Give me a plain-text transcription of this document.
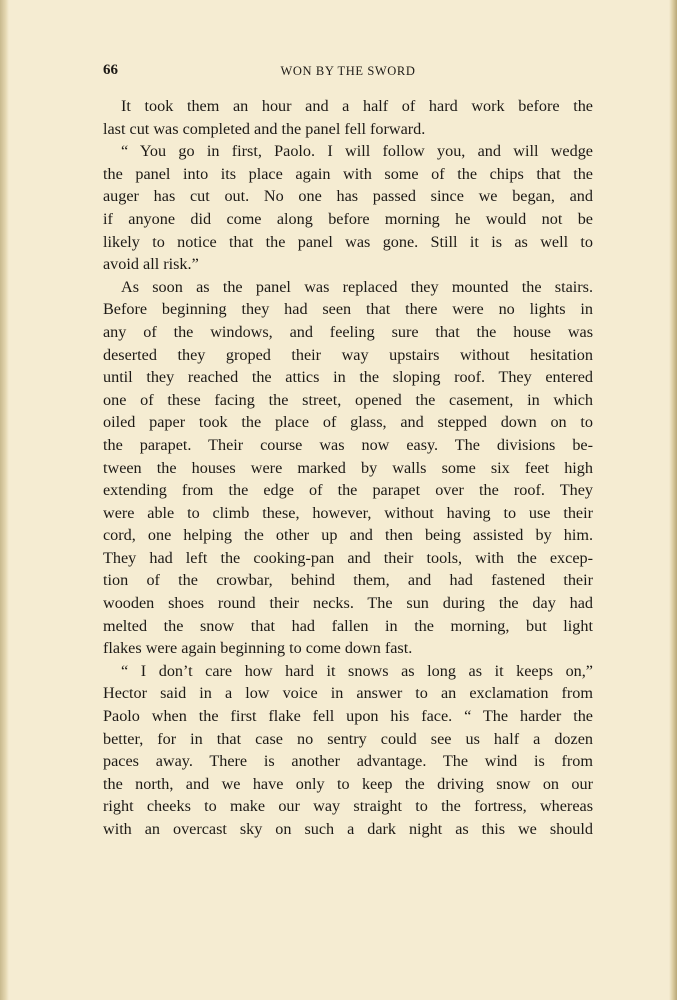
66	WON BY THE SWORD
It took them an hour and a half of hard work before the
last cut was completed and the panel fell forward.
“ You go in first, Paolo. I will follow you, and will wedge
the panel into its place again with some of the chips that the
auger has cut out. No one has passed since we began, and
if anyone did come along before morning he would not be
likely to notice that the panel was gone. Still it is as well to
avoid all risk.”
As soon as the panel was replaced they mounted the stairs.
Before beginning they had seen that there were no lights in
any of the windows, and feeling sure that the house was
deserted they groped their way upstairs without hesitation
until they reached the attics in the sloping roof. They entered
one of these facing the street, opened the casement, in which
oiled paper took the place of glass, and stepped down on to
the parapet. Their course was now easy. The divisions be-
tween the houses were marked by walls some six feet high
extending from the edge of the parapet over the roof. They
were able to climb these, however, without having to use their
cord, one helping the other up and then being assisted by him.
They had left the cooking-pan and their tools, with the excep-
tion of the crowbar, behind them, and had fastened their
wooden shoes round their necks. The sun during the day had
melted the snow that had fallen in the morning, but light
flakes were again beginning to come down fast.
“ I don’t care how hard it snows as long as it keeps on,”
Hector said in a low voice in answer to an exclamation from
Paolo when the first flake fell upon his face. “ The harder the
better, for in that case no sentry could see us half a dozen
paces away. There is another advantage. The wind is from
the north, and we have only to keep the driving snow on our
right cheeks to make our way straight to the fortress, whereas
with an overcast sky on such a dark night as this we should
